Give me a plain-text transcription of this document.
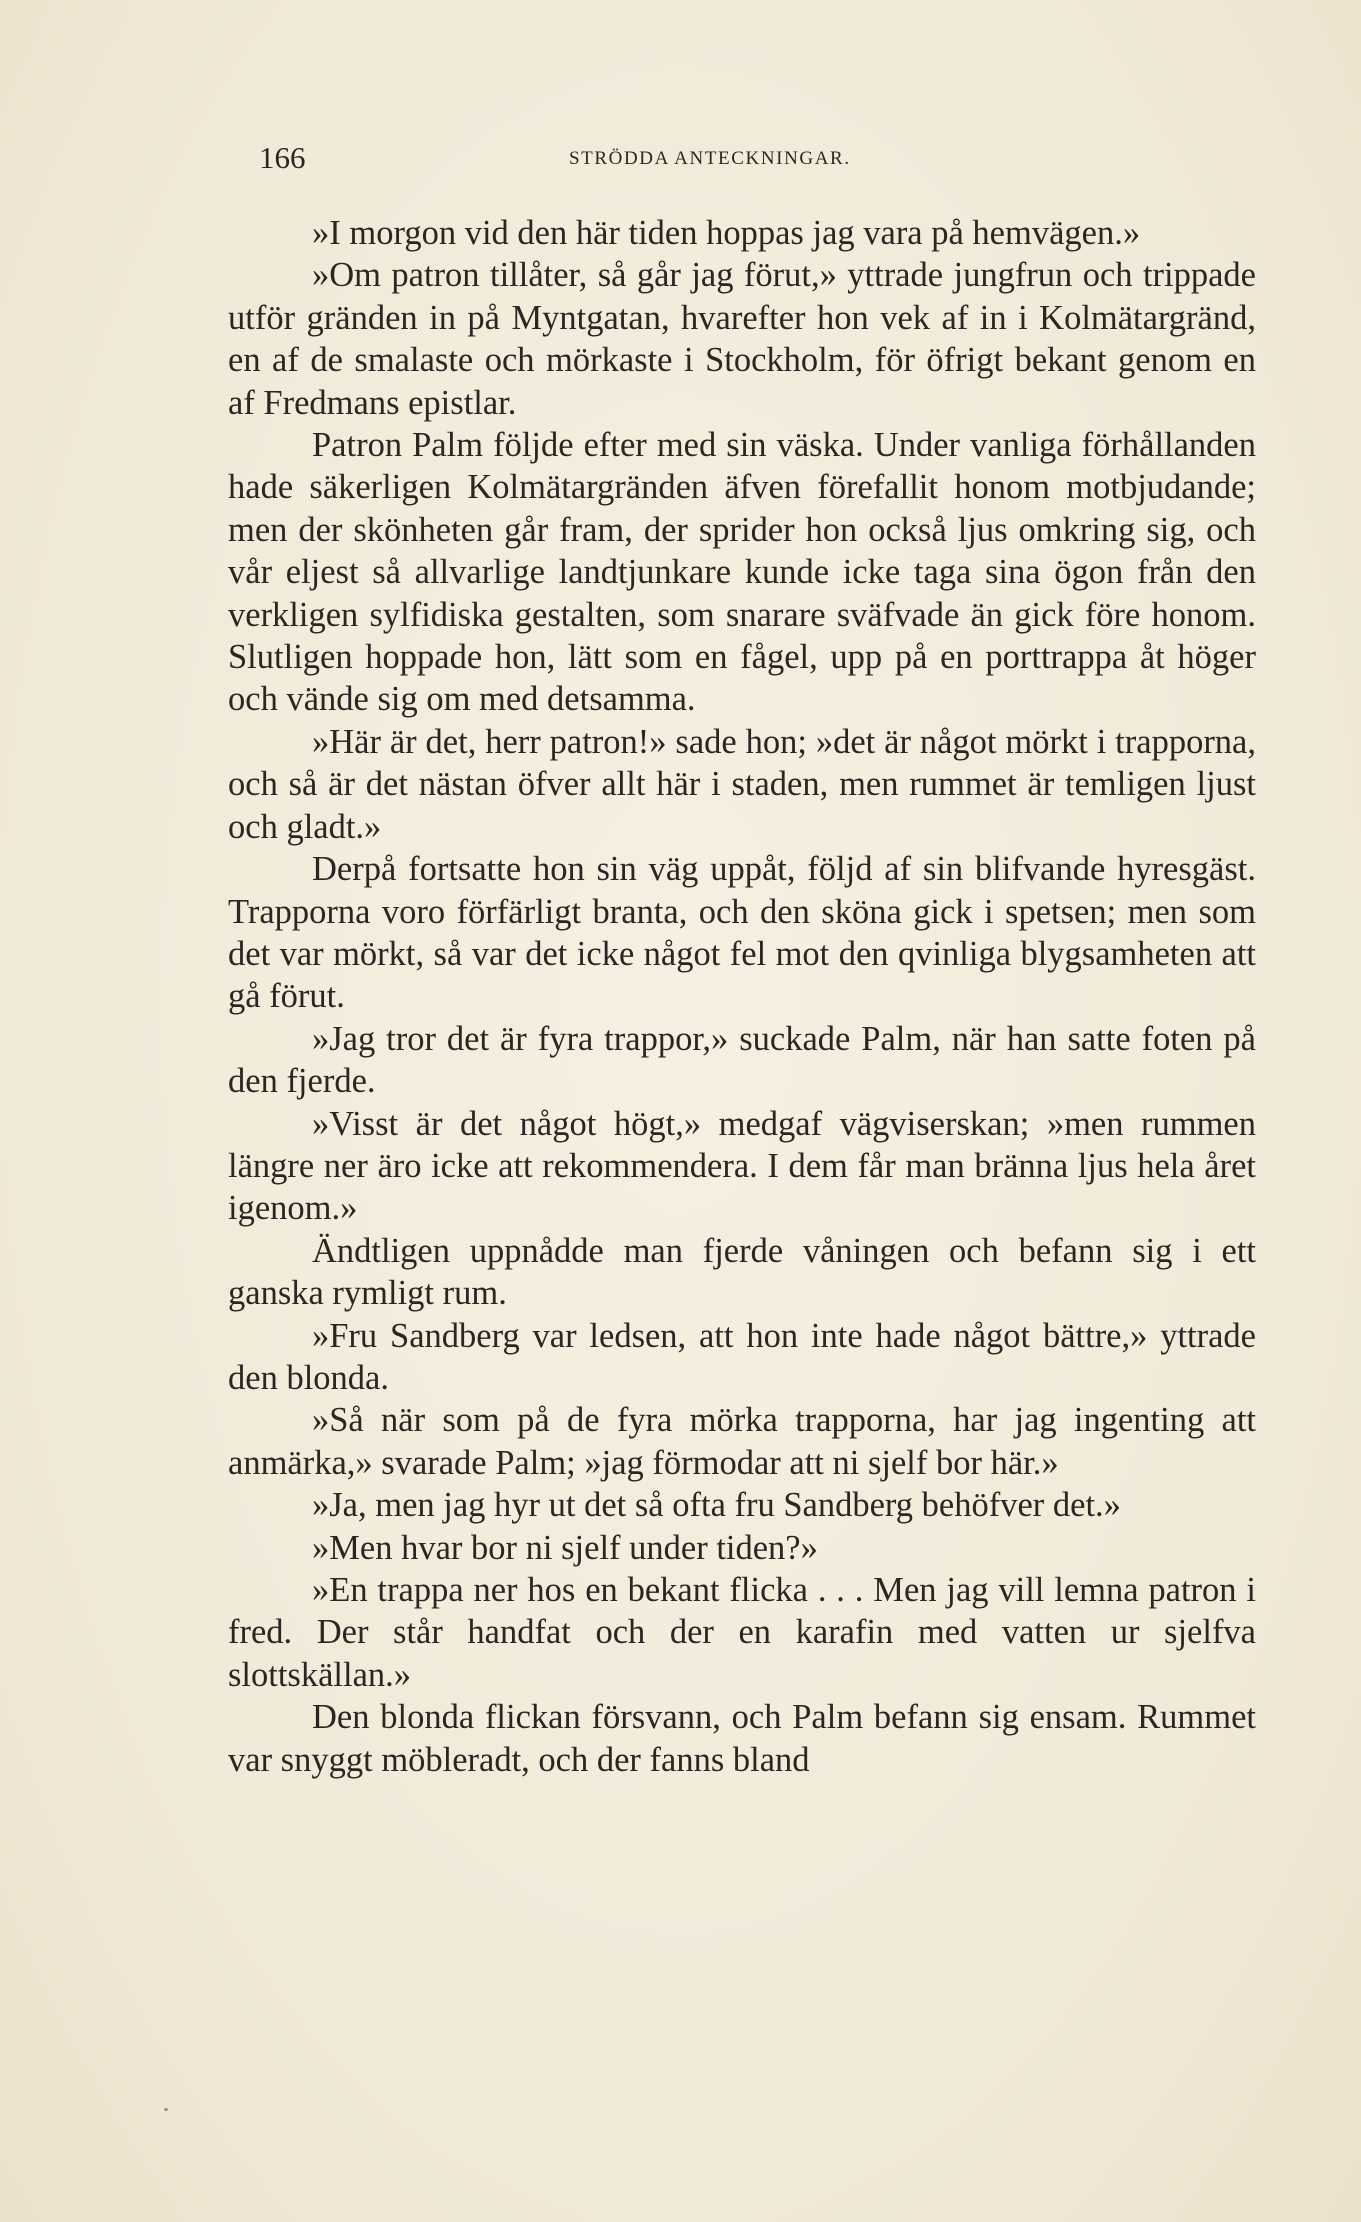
166	STRÖDDA ANTECKNINGAR.

»I morgon vid den här tiden hoppas jag vara på hemvägen.»

»Om patron tillåter, så går jag förut,» yttrade jungfrun och trippade utför gränden in på Myntgatan, hvarefter hon vek af in i Kolmätargränd, en af de smalaste och mörkaste i Stockholm, för öfrigt bekant genom en af Fredmans epistlar.

Patron Palm följde efter med sin väska. Under vanliga förhållanden hade säkerligen Kolmätargränden äfven förefallit honom motbjudande; men der skönheten går fram, der sprider hon också ljus omkring sig, och vår eljest så allvarlige landtjunkare kunde icke taga sina ögon från den verkligen sylfidiska gestalten, som snarare sväfvade än gick före honom. Slutligen hoppade hon, lätt som en fågel, upp på en porttrappa åt höger och vände sig om med detsamma.

»Här är det, herr patron!» sade hon; »det är något mörkt i trapporna, och så är det nästan öfver allt här i staden, men rummet är temligen ljust och gladt.»

Derpå fortsatte hon sin väg uppåt, följd af sin blifvande hyresgäst. Trapporna voro förfärligt branta, och den sköna gick i spetsen; men som det var mörkt, så var det icke något fel mot den qvinliga blygsamheten att gå förut.

»Jag tror det är fyra trappor,» suckade Palm, när han satte foten på den fjerde.

»Visst är det något högt,» medgaf vägviserskan; »men rummen längre ner äro icke att rekommendera. I dem får man bränna ljus hela året igenom.»

Ändtligen uppnådde man fjerde våningen och befann sig i ett ganska rymligt rum.

»Fru Sandberg var ledsen, att hon inte hade något bättre,» yttrade den blonda.

»Så när som på de fyra mörka trapporna, har jag ingenting att anmärka,» svarade Palm; »jag förmodar att ni sjelf bor här.»

»Ja, men jag hyr ut det så ofta fru Sandberg behöfver det.»

»Men hvar bor ni sjelf under tiden?»

»En trappa ner hos en bekant flicka . . . Men jag vill lemna patron i fred. Der står handfat och der en karafin med vatten ur sjelfva slottskällan.»

Den blonda flickan försvann, och Palm befann sig ensam. Rummet var snyggt möbleradt, och der fanns bland
